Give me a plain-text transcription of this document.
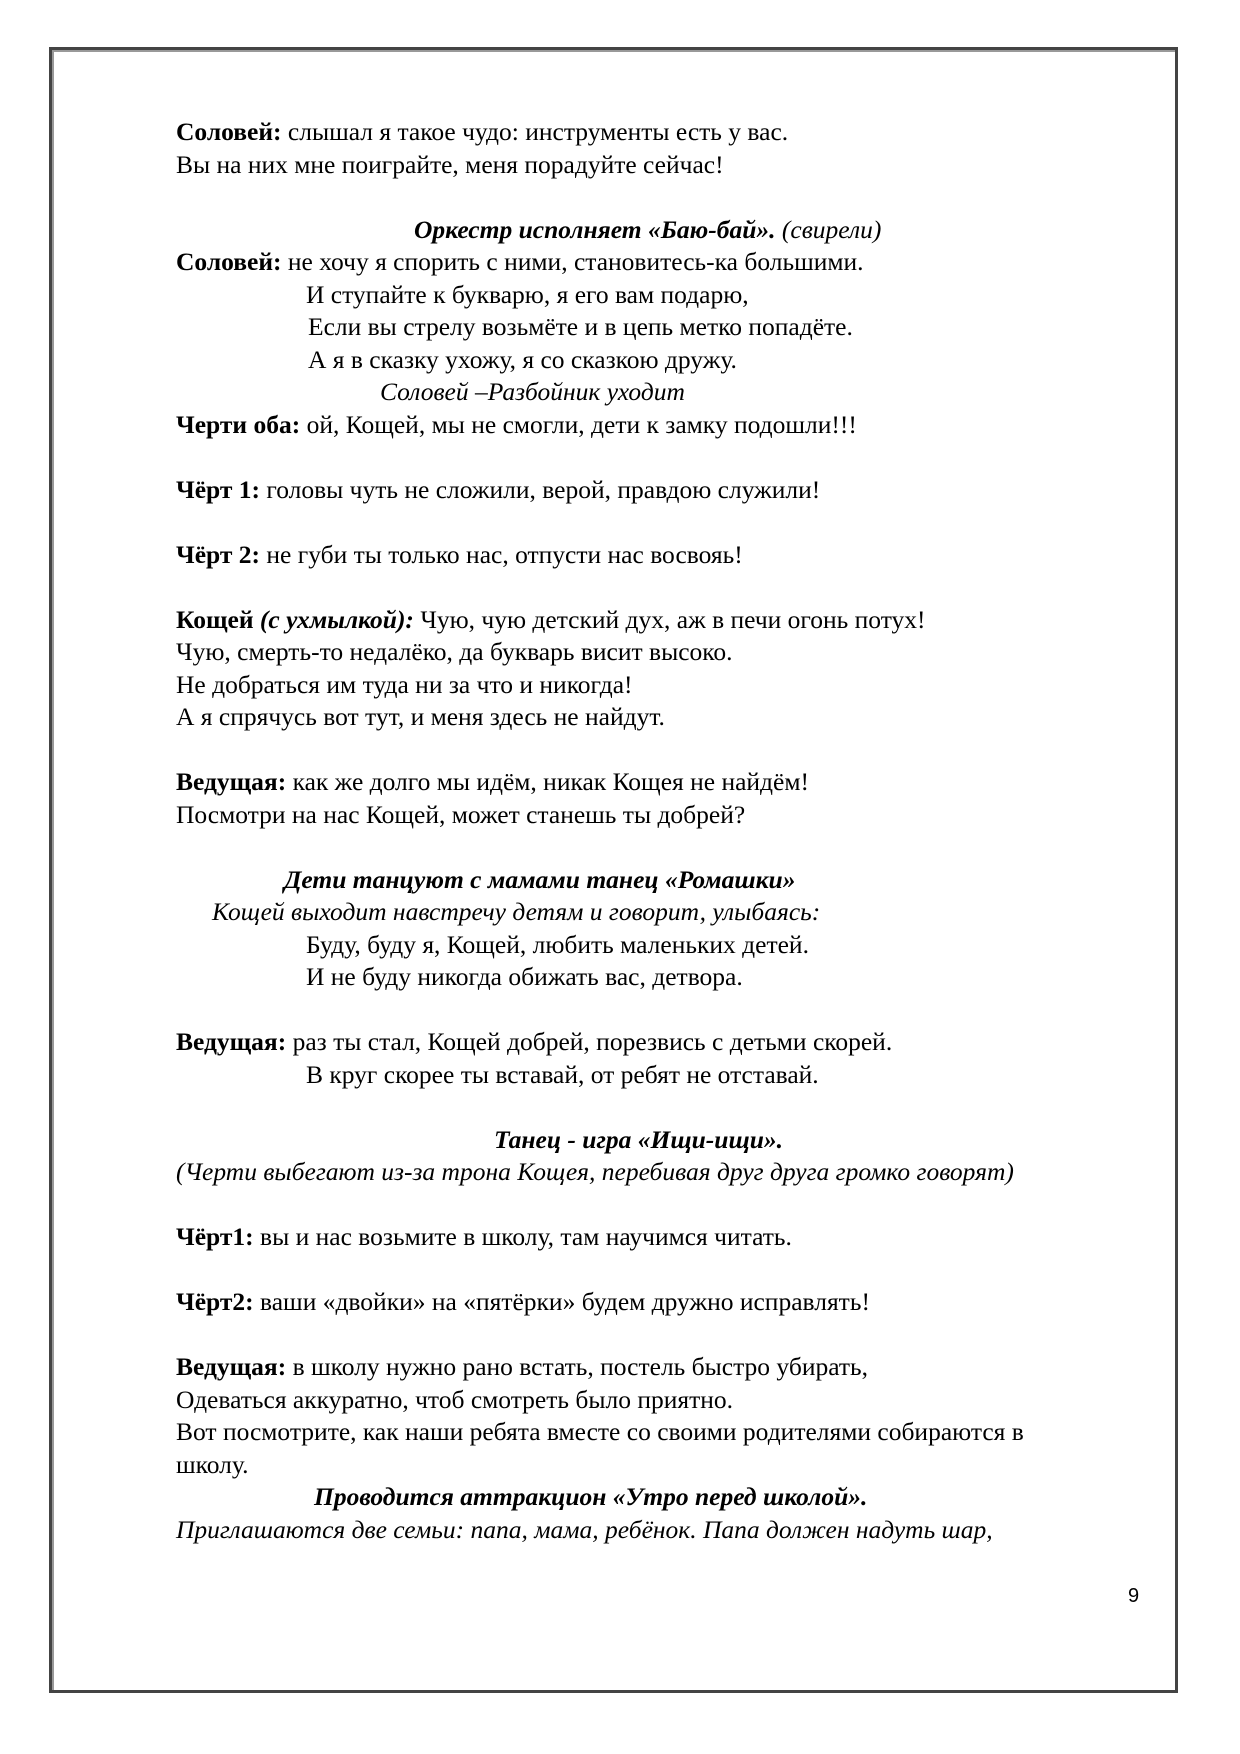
Соловей: слышал я такое чудо: инструменты есть у вас.

Вы на них мне поиграйте, меня порадуйте сейчас!

Оркестр исполняет «Баю-бай». (свирели)

Соловей: не хочу я спорить с ними, становитесь-ка большими.

И ступайте к букварю, я его вам подарю,

Если вы стрелу возьмёте и в цепь метко попадёте.

А я в сказку ухожу, я со сказкою дружу.

Соловей –Разбойник уходит

Черти оба: ой, Кощей, мы не смогли, дети к замку подошли!!!

Чёрт 1: головы чуть не сложили, верой, правдою служили!

Чёрт 2: не губи ты только нас, отпусти нас восвояь!

Кощей (с ухмылкой): Чую, чую детский дух, аж в печи огонь потух!

Чую, смерть-то недалёко, да букварь висит высоко.

Не добраться им туда ни за что и никогда!

А я спрячусь вот тут, и меня здесь не найдут.

Ведущая: как же долго мы идём, никак Кощея не найдём!

Посмотри на нас Кощей, может станешь ты добрей?

Дети танцуют с мамами танец «Ромашки»

Кощей выходит навстречу детям и говорит, улыбаясь:

Буду, буду я, Кощей, любить маленьких детей.

И не буду никогда обижать вас, детвора.

Ведущая: раз ты стал, Кощей добрей, порезвись с детьми скорей.

В круг скорее ты вставай, от ребят не отставай.

Танец - игра «Ищи-ищи».

(Черти выбегают из-за трона Кощея, перебивая друг друга громко говорят)

Чёрт1: вы и нас возьмите в школу, там научимся читать.

Чёрт2: ваши «двойки» на «пятёрки» будем дружно исправлять!

Ведущая: в школу нужно рано встать, постель быстро убирать,

Одеваться аккуратно, чтоб смотреть было приятно.

Вот посмотрите, как наши ребята вместе со своими родителями собираются в

школу.

Проводится аттракцион «Утро перед школой».

Приглашаются две семьи: папа, мама, ребёнок. Папа должен надуть шар,

9
